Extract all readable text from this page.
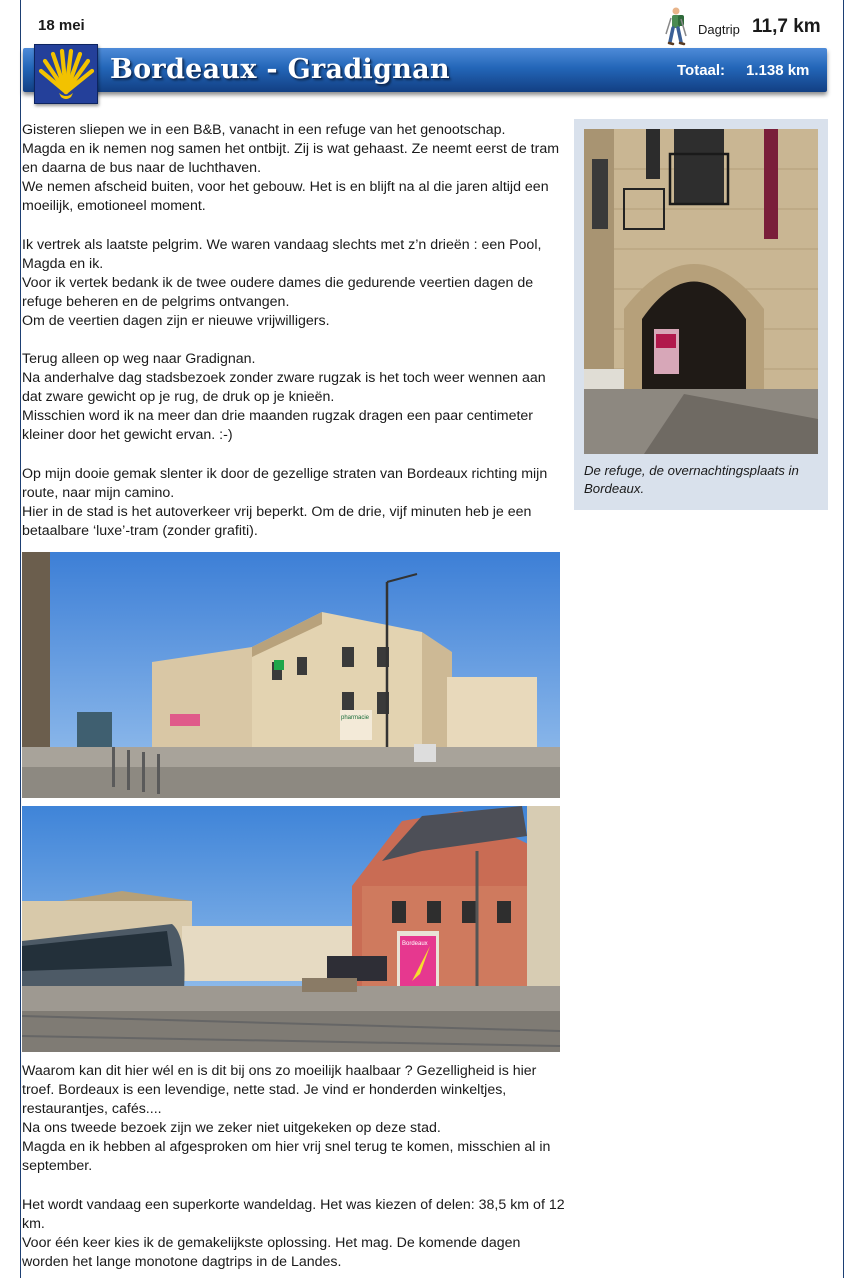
18 mei	Dagtrip 11,7 km
Bordeaux - Gradignan	Totaal: 1.138 km
Gisteren sliepen we in een B&B, vanacht in een refuge van het genootschap.
Magda en ik nemen nog samen het ontbijt. Zij is wat gehaast. Ze neemt eerst de tram en daarna de bus naar de luchthaven.
We nemen afscheid buiten, voor het gebouw. Het is en blijft na al die jaren altijd een moeilijk, emotioneel moment.
Ik vertrek als laatste pelgrim. We waren vandaag slechts met z’n drieën : een Pool, Magda en ik.
Voor ik vertek bedank ik de twee oudere dames die gedurende veertien dagen de refuge beheren en de pelgrims ontvangen.
Om de veertien dagen zijn er nieuwe vrijwilligers.
Terug alleen op weg naar Gradignan.
Na anderhalve dag stadsbezoek zonder zware rugzak is het toch weer wennen aan dat zware gewicht op je rug, de druk op je knieën.
Misschien word ik na meer dan drie maanden rugzak dragen een paar centimeter kleiner door het gewicht ervan. :-)
Op mijn dooie gemak slenter ik door de gezellige straten van Bordeaux richting mijn route, naar mijn camino.
Hier in de stad is het autoverkeer vrij beperkt. Om de drie, vijf minuten heb je een betaalbare ‘luxe’-tram (zonder grafiti).
De refuge, de overnachtingsplaats in Bordeaux.
pharmacie
Bordeaux
Waarom kan dit hier wél en is dit bij ons zo moeilijk haalbaar ? Gezelligheid is hier troef. Bordeaux is een levendige, nette stad. Je vind er honderden winkeltjes, restaurantjes, cafés....
Na ons tweede bezoek zijn we zeker niet uitgekeken op deze stad.
Magda en ik hebben al afgesproken om hier vrij snel terug te komen, misschien al in september.
Het wordt vandaag een superkorte wandeldag. Het was kiezen of delen: 38,5 km of 12 km.
Voor één keer kies ik de gemakelijkste oplossing. Het mag. De komende dagen worden het lange monotone dagtrips in de Landes.
